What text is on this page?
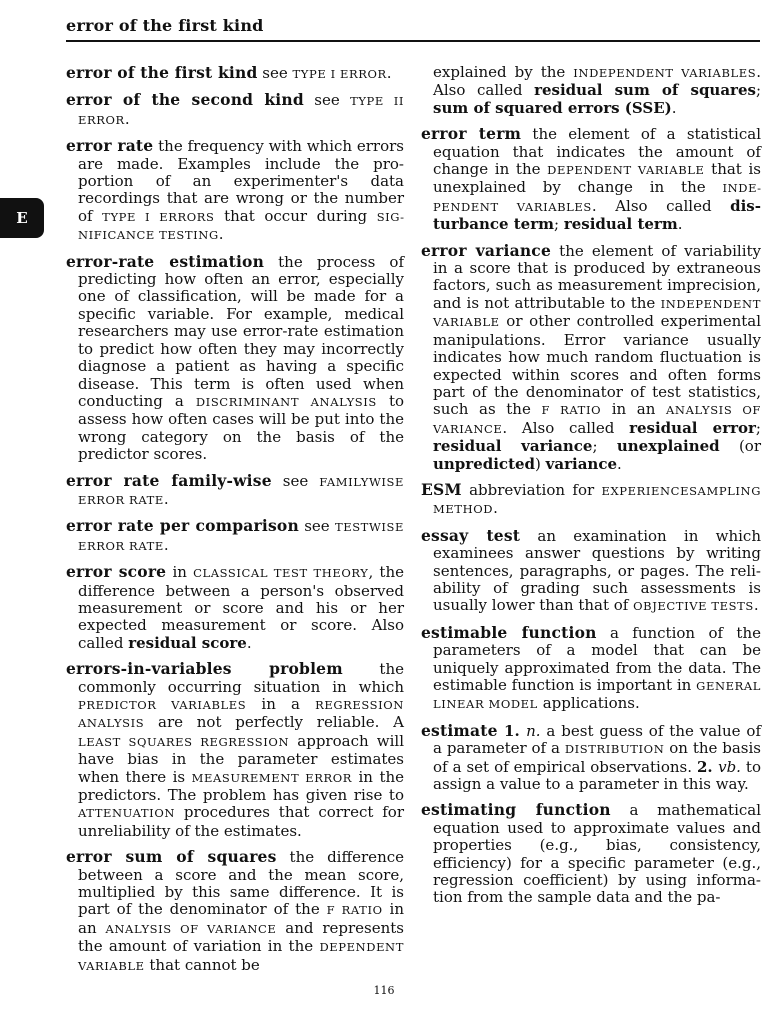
error of the first kind
E

error of the first kind see TYPE I ERROR.

error of the second kind see TYPE II ERROR.

error rate the frequency with which errors are made. Examples include the proportion of an experimenter's data recordings that are wrong or the number of TYPE I ERRORS that occur during SIGNIFICANCE TESTING.

error-rate estimation the process of predicting how often an error, especially one of classification, will be made for a specific variable. For example, medical researchers may use error-rate estimation to predict how often they may incorrectly diagnose a patient as having a specific disease. This term is often used when conducting a DISCRIMINANT ANALYSIS to assess how often cases will be put into the wrong category on the basis of the predictor scores.

error rate family-wise see FAMILYWISE ERROR RATE.

error rate per comparison see TESTWISE ERROR RATE.

error score in CLASSICAL TEST THEORY, the difference between a person's observed measurement or score and his or her expected measurement or score. Also called residual score.

errors-in-variables problem the commonly occurring situation in which PREDICTOR VARIABLES in a REGRESSION ANALYSIS are not perfectly reliable. A LEAST SQUARES REGRESSION approach will have bias in the parameter estimates when there is MEASUREMENT ERROR in the predictors. The problem has given rise to ATTENUATION procedures that correct for unreliability of the estimates.

error sum of squares the difference between a score and the mean score, multiplied by this same difference. It is part of the denominator of the F RATIO in an ANALYSIS OF VARIANCE and represents the amount of variation in the DEPENDENT VARIABLE that cannot be

explained by the INDEPENDENT VARIABLES. Also called residual sum of squares; sum of squared errors (SSE).

error term the element of a statistical equation that indicates the amount of change in the DEPENDENT VARIABLE that is unexplained by change in the INDEPENDENT VARIABLES. Also called disturbance term; residual term.

error variance the element of variability in a score that is produced by extraneous factors, such as measurement imprecision, and is not attributable to the INDEPENDENT VARIABLE or other controlled experimental manipulations. Error variance usually indicates how much random fluctuation is expected within scores and often forms part of the denominator of test statistics, such as the F RATIO in an ANALYSIS OF VARIANCE. Also called residual error; residual variance; unexplained (or unpredicted) variance.

ESM abbreviation for EXPERIENCESAMPLING METHOD.

essay test an examination in which examinees answer questions by writing sentences, paragraphs, or pages. The reliability of grading such assessments is usually lower than that of OBJECTIVE TESTS.

estimable function a function of the parameters of a model that can be uniquely approximated from the data. The estimable function is important in GENERAL LINEAR MODEL applications.

estimate 1. n. a best guess of the value of a parameter of a DISTRIBUTION on the basis of a set of empirical observations. 2. vb. to assign a value to a parameter in this way.

estimating function a mathematical equation used to approximate values and properties (e.g., bias, consistency, efficiency) for a specific parameter (e.g., regression coefficient) by using information from the sample data and the pa-

116
